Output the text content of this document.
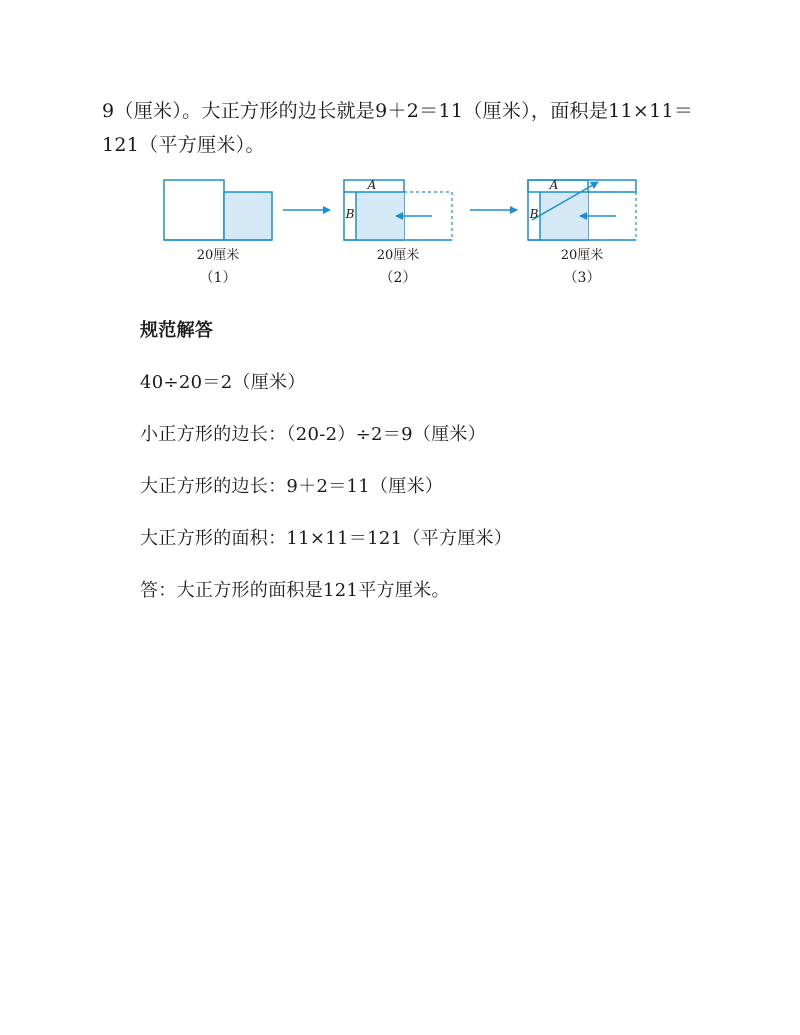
9（厘米）。大正方形的边长就是9＋2＝11（厘米），面积是11×11＝

121（平方厘米）。

20厘米
（1）
A
B
20厘米
（2）
A
B
20厘米
（3）

规范解答

40÷20＝2（厘米）

小正方形的边长：（20-2）÷2＝9（厘米）

大正方形的边长：9＋2＝11（厘米）

大正方形的面积：11×11＝121（平方厘米）

答：大正方形的面积是121平方厘米。
